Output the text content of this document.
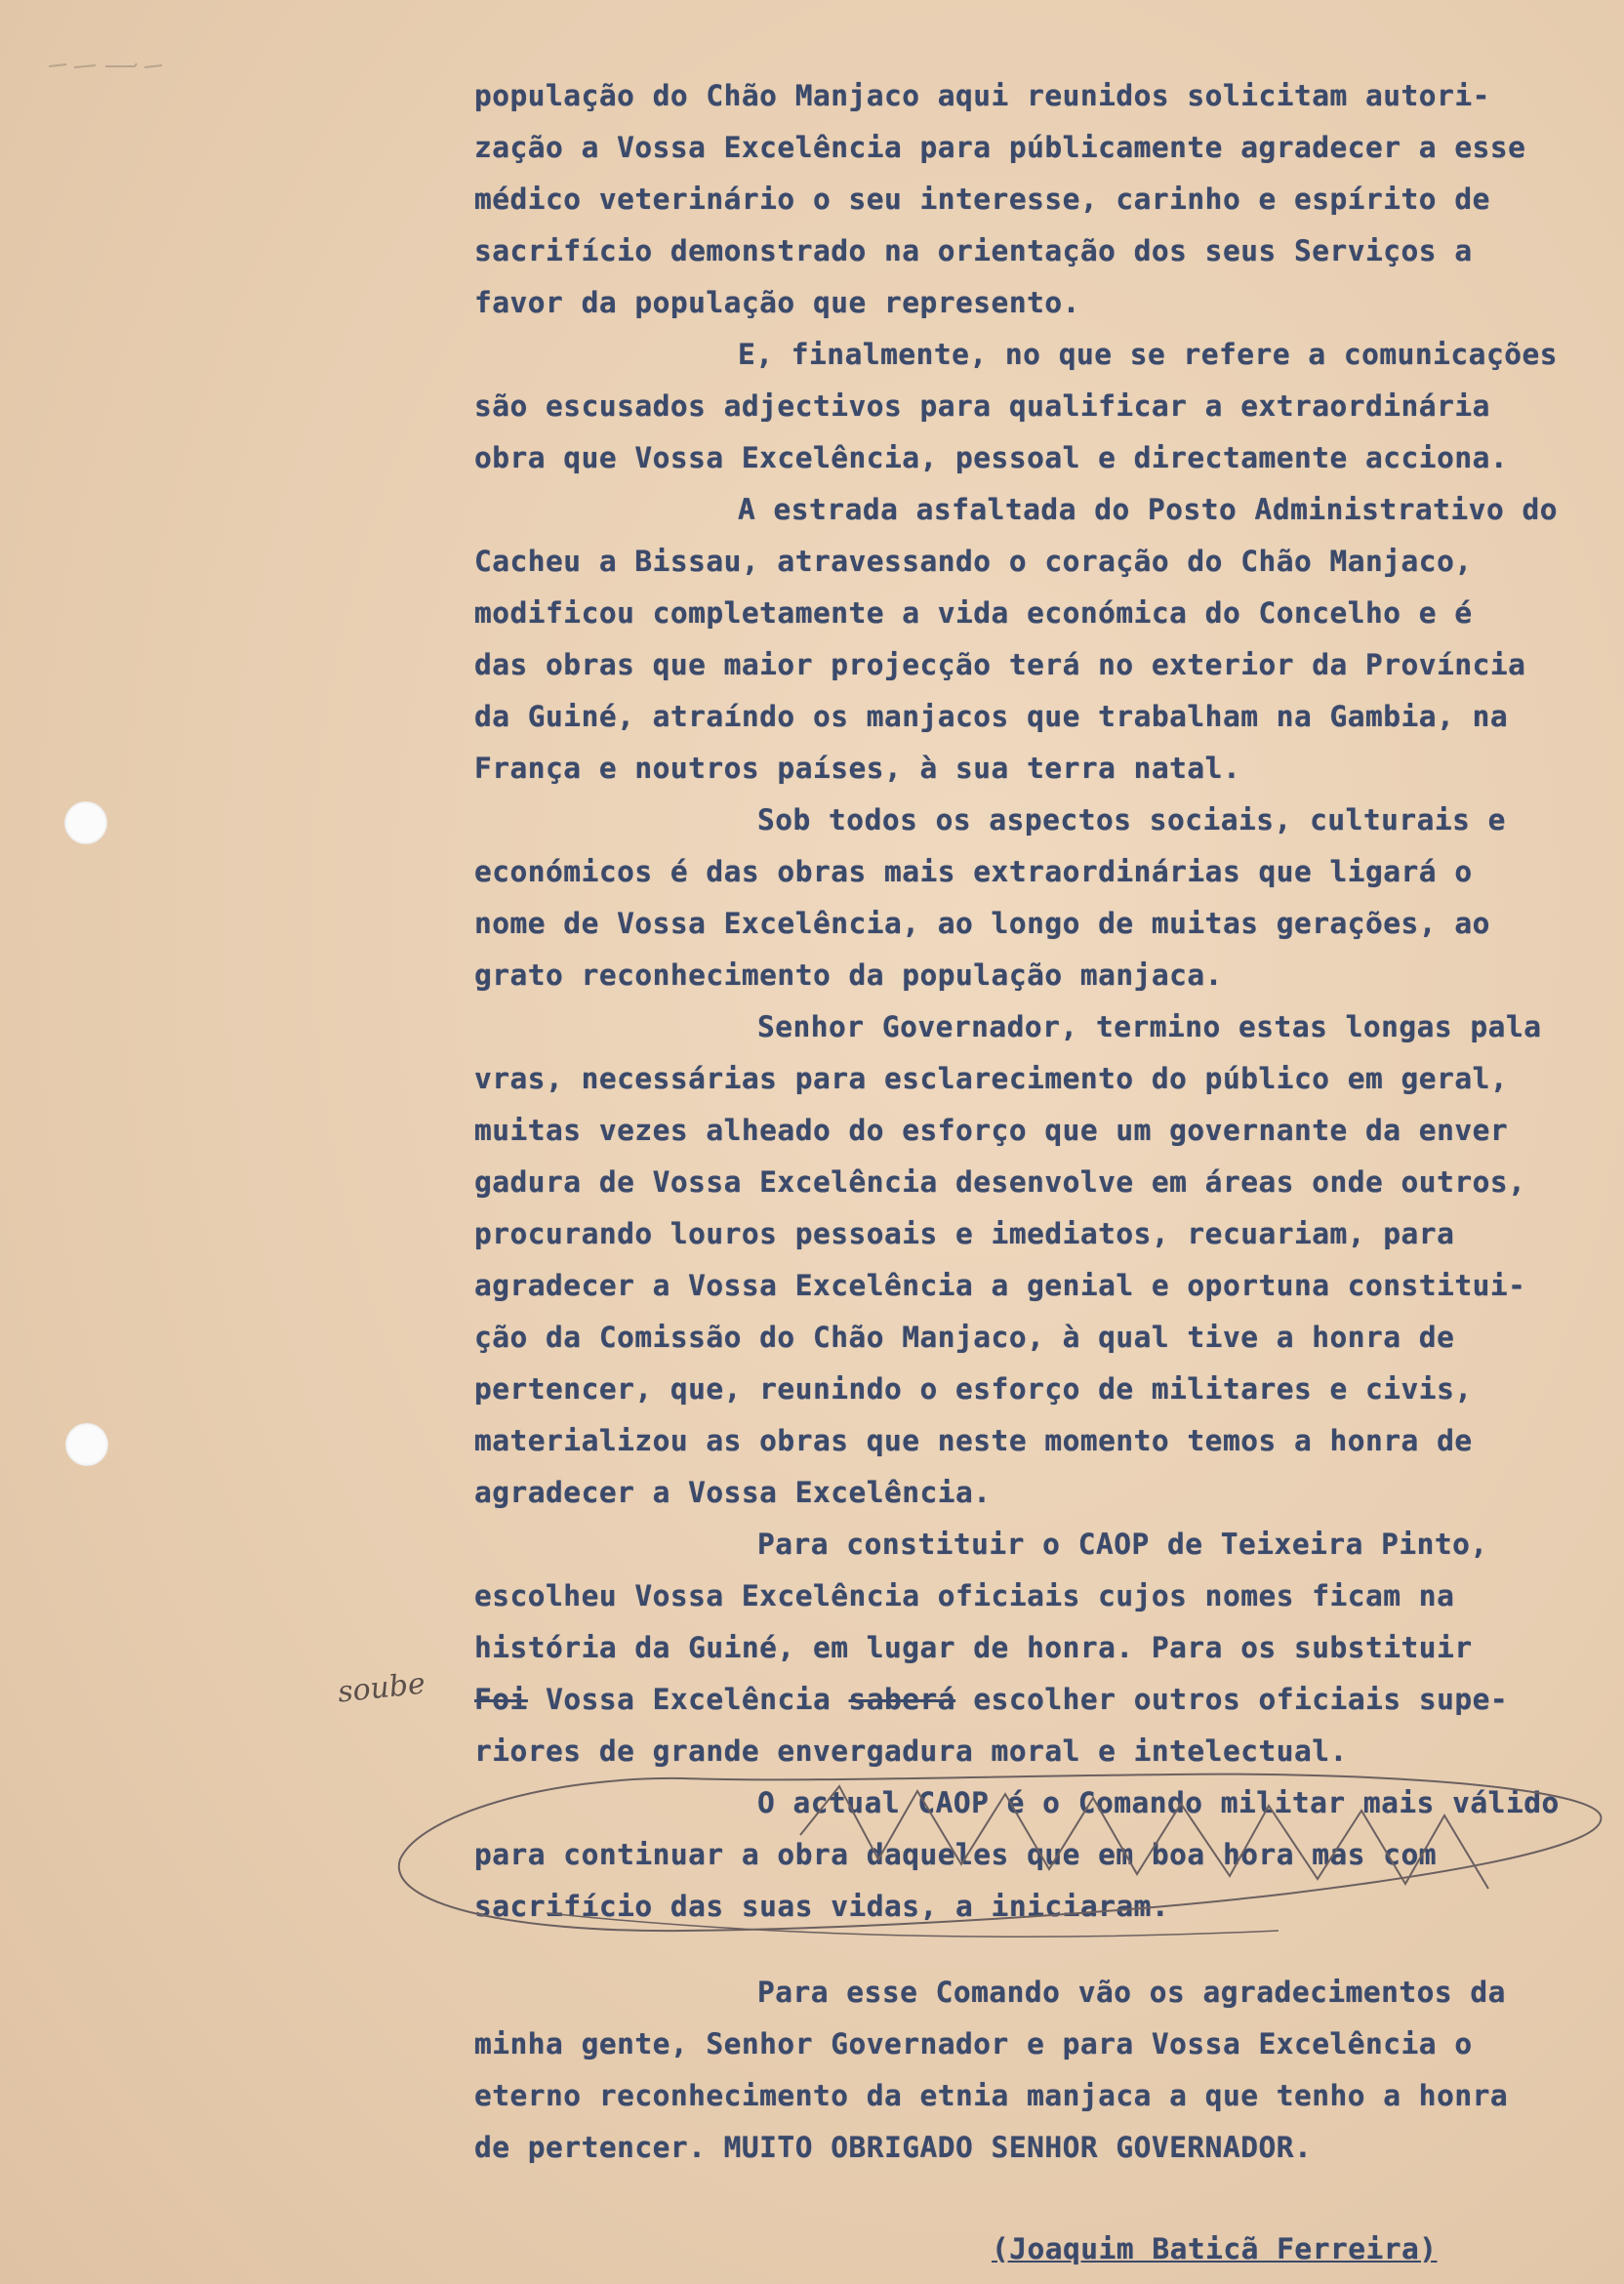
população do Chão Manjaco aqui reunidos solicitam autori-
zação a Vossa Excelência para públicamente agradecer a esse
médico veterinário o seu interesse, carinho e espírito de
sacrifício demonstrado na orientação dos seus Serviços a
favor da população que represento.
E, finalmente, no que se refere a comunicações
são escusados adjectivos para qualificar a extraordinária
obra que Vossa Excelência, pessoal e directamente acciona.
A estrada asfaltada do Posto Administrativo do
Cacheu a Bissau, atravessando o coração do Chão Manjaco,
modificou completamente a vida económica do Concelho e é
das obras que maior projecção terá no exterior da Província
da Guiné, atraíndo os manjacos que trabalham na Gambia, na
França e noutros países, à sua terra natal.
Sob todos os aspectos sociais, culturais e
económicos é das obras mais extraordinárias que ligará o
nome de Vossa Excelência, ao longo de muitas gerações, ao
grato reconhecimento da população manjaca.
Senhor Governador, termino estas longas pala
vras, necessárias para esclarecimento do público em geral,
muitas vezes alheado do esforço que um governante da enver
gadura de Vossa Excelência desenvolve em áreas onde outros,
procurando louros pessoais e imediatos, recuariam, para
agradecer a Vossa Excelência a genial e oportuna constitui-
ção da Comissão do Chão Manjaco, à qual tive a honra de
pertencer, que, reunindo o esforço de militares e civis,
materializou as obras que neste momento temos a honra de
agradecer a Vossa Excelência.
Para constituir o CAOP de Teixeira Pinto,
escolheu Vossa Excelência oficiais cujos nomes ficam na
história da Guiné, em lugar de honra. Para os substituir
Foi Vossa Excelência saberá escolher outros oficiais supe-
riores de grande envergadura moral e intelectual.
O actual CAOP é o Comando militar mais válido
para continuar a obra daqueles que em boa hora mas com
sacrifício das suas vidas, a iniciaram.
Para esse Comando vão os agradecimentos da
minha gente, Senhor Governador e para Vossa Excelência o
eterno reconhecimento da etnia manjaca a que tenho a honra
de pertencer. MUITO OBRIGADO SENHOR GOVERNADOR.
(Joaquim Baticã Ferreira)
soube
